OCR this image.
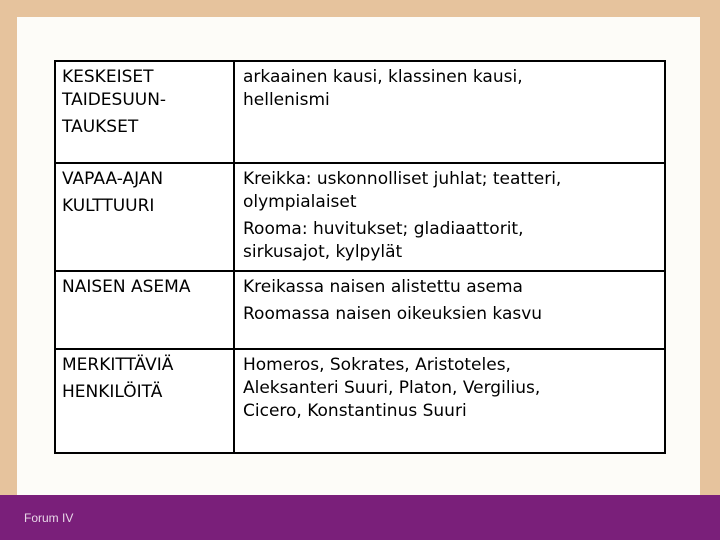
KESKEISET
TAIDESUUN-
TAUKSET
arkaainen kausi, klassinen kausi,
hellenismi
VAPAA-AJAN
KULTTUURI
Kreikka: uskonnolliset juhlat; teatteri,
olympialaiset
Rooma: huvitukset; gladiaattorit,
sirkusajot, kylpylät
NAISEN ASEMA	Kreikassa naisen alistettu asema
Roomassa naisen oikeuksien kasvu
MERKITTÄVIÄ
HENKILÖITÄ
Homeros, Sokrates, Aristoteles,
Aleksanteri Suuri, Platon, Vergilius,
Cicero, Konstantinus Suuri
Forum IV
